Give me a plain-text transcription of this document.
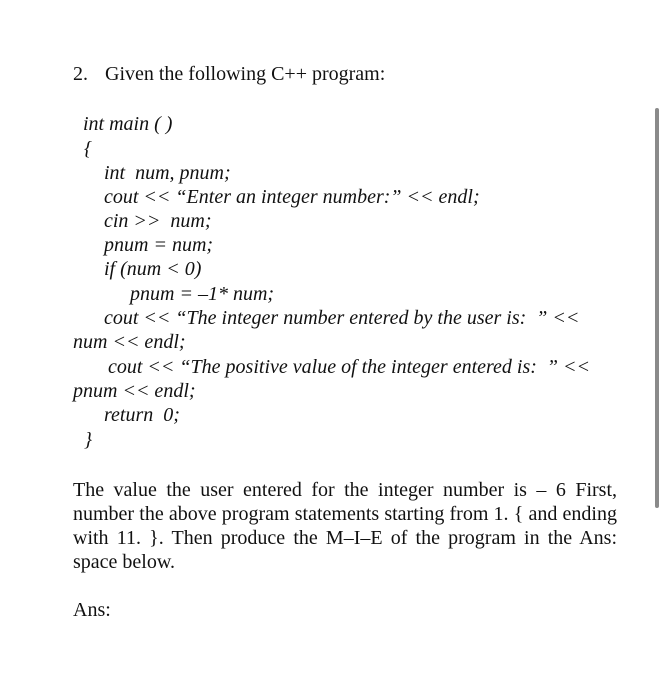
2. Given the following C++ program:
int main ( )
{
int  num, pnum;
cout << “Enter an integer number:” << endl;
cin >>  num;
pnum = num;
if (num < 0)
pnum = –1* num;
cout << “The integer number entered by the user is:  ” <<
num << endl;
cout << “The positive value of the integer entered is:  ” <<
pnum << endl;
return  0;
}
The value the user entered for the integer number is – 6 First, number the above program statements starting from 1. { and ending with 11. }. Then produce the M–I–E of the program in the Ans: space below.
Ans:
